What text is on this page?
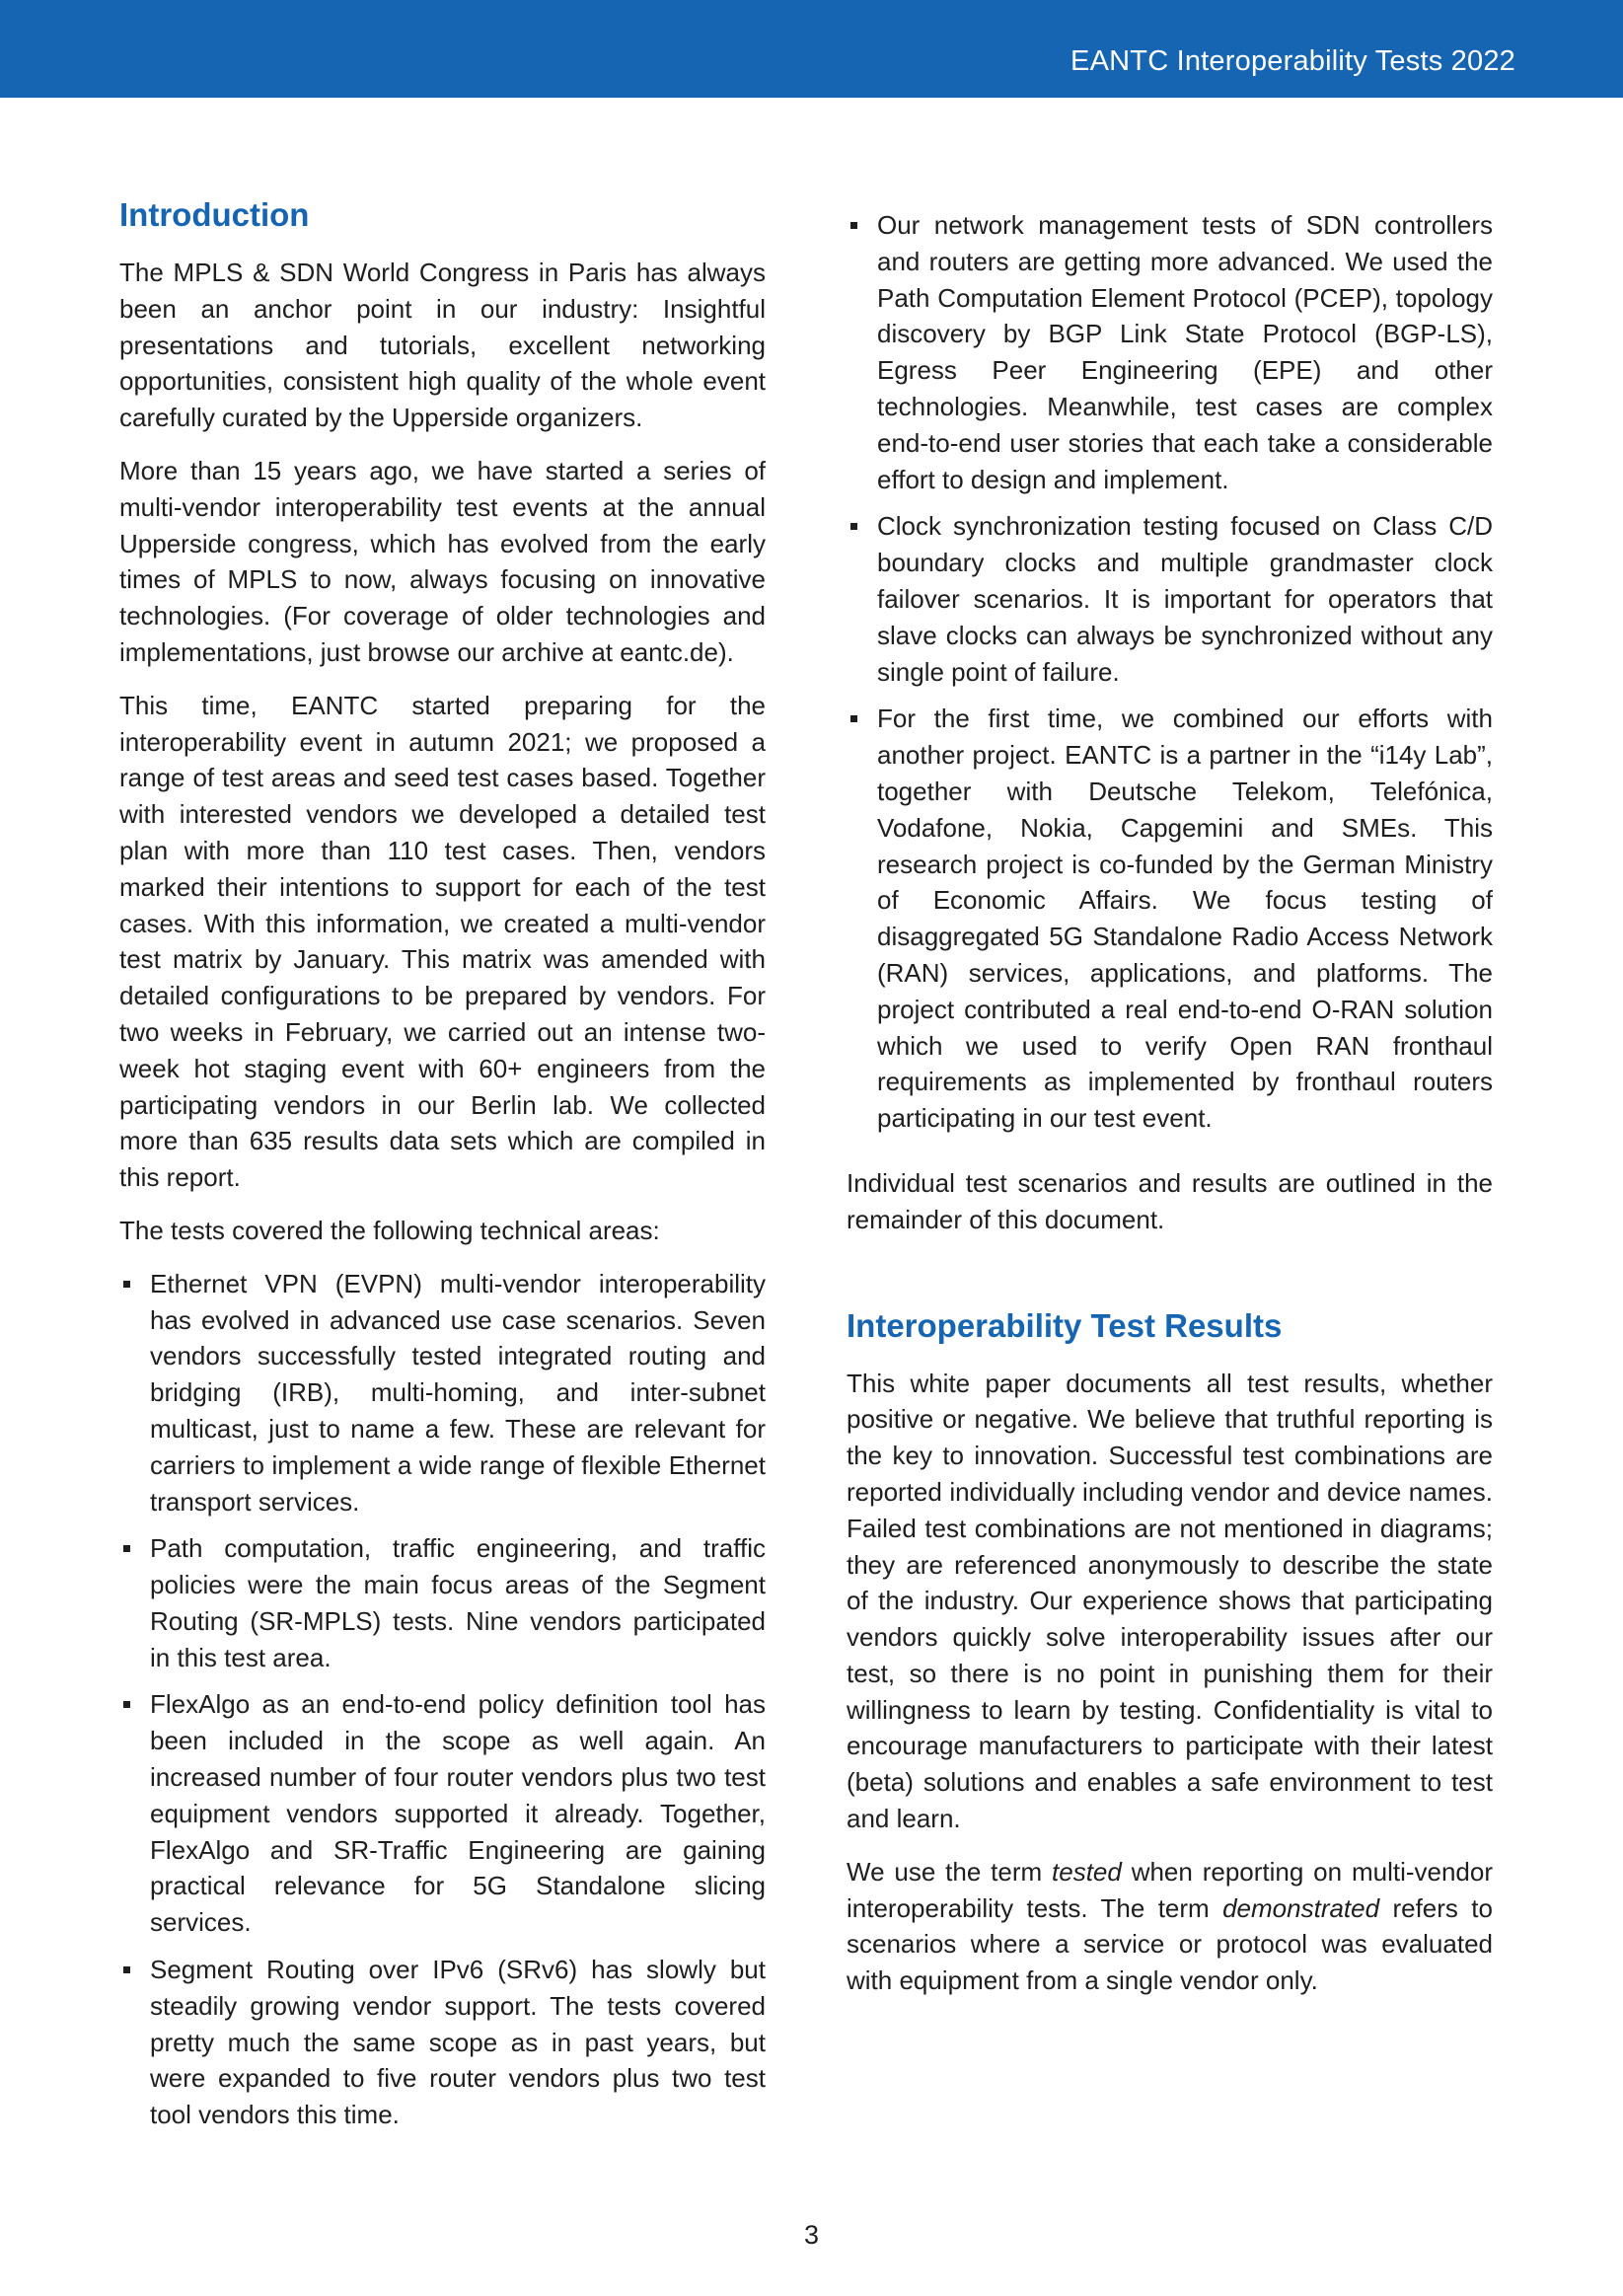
EANTC Interoperability Tests 2022
Introduction

The MPLS & SDN World Congress in Paris has always been an anchor point in our industry: Insightful presentations and tutorials, excellent networking opportunities, consistent high quality of the whole event carefully curated by the Upperside organizers.

More than 15 years ago, we have started a series of multi-vendor interoperability test events at the annual Upperside congress, which has evolved from the early times of MPLS to now, always focusing on innovative technologies. (For coverage of older technologies and implementations, just browse our archive at eantc.de).

This time, EANTC started preparing for the interoperability event in autumn 2021; we proposed a range of test areas and seed test cases based. Together with interested vendors we developed a detailed test plan with more than 110 test cases. Then, vendors marked their intentions to support for each of the test cases. With this information, we created a multi-vendor test matrix by January. This matrix was amended with detailed configurations to be prepared by vendors. For two weeks in February, we carried out an intense two-week hot staging event with 60+ engineers from the participating vendors in our Berlin lab. We collected more than 635 results data sets which are compiled in this report.

The tests covered the following technical areas:

Ethernet VPN (EVPN) multi-vendor interoperability has evolved in advanced use case scenarios. Seven vendors successfully tested integrated routing and bridging (IRB), multi-homing, and inter-subnet multicast, just to name a few. These are relevant for carriers to implement a wide range of flexible Ethernet transport services.
Path computation, traffic engineering, and traffic policies were the main focus areas of the Segment Routing (SR-MPLS) tests. Nine vendors participated in this test area.
FlexAlgo as an end-to-end policy definition tool has been included in the scope as well again. An increased number of four router vendors plus two test equipment vendors supported it already. Together, FlexAlgo and SR-Traffic Engineering are gaining practical relevance for 5G Standalone slicing services.
Segment Routing over IPv6 (SRv6) has slowly but steadily growing vendor support. The tests covered pretty much the same scope as in past years, but were expanded to five router vendors plus two test tool vendors this time.
Our network management tests of SDN controllers and routers are getting more advanced. We used the Path Computation Element Protocol (PCEP), topology discovery by BGP Link State Protocol (BGP-LS), Egress Peer Engineering (EPE) and other technologies. Meanwhile, test cases are complex end-to-end user stories that each take a considerable effort to design and implement.
Clock synchronization testing focused on Class C/D boundary clocks and multiple grandmaster clock failover scenarios. It is important for operators that slave clocks can always be synchronized without any single point of failure.
For the first time, we combined our efforts with another project. EANTC is a partner in the “i14y Lab”, together with Deutsche Telekom, Telefónica, Vodafone, Nokia, Capgemini and SMEs. This research project is co-funded by the German Ministry of Economic Affairs. We focus testing of disaggregated 5G Standalone Radio Access Network (RAN) services, applications, and platforms. The project contributed a real end-to-end O-RAN solution which we used to verify Open RAN fronthaul requirements as implemented by fronthaul routers participating in our test event.

Individual test scenarios and results are outlined in the remainder of this document.

Interoperability Test Results

This white paper documents all test results, whether positive or negative. We believe that truthful reporting is the key to innovation. Successful test combinations are reported individually including vendor and device names. Failed test combinations are not mentioned in diagrams; they are referenced anonymously to describe the state of the industry. Our experience shows that participating vendors quickly solve interoperability issues after our test, so there is no point in punishing them for their willingness to learn by testing. Confidentiality is vital to encourage manufacturers to participate with their latest (beta) solutions and enables a safe environment to test and learn.

We use the term tested when reporting on multi-vendor interoperability tests. The term demonstrated refers to scenarios where a service or protocol was evaluated with equipment from a single vendor only.

3
